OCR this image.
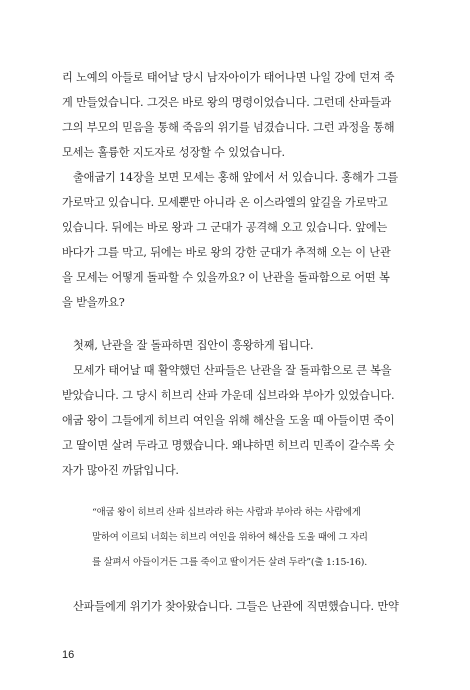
리 노예의 아들로 태어날 당시 남자아이가 태어나면 나일 강에 던져 죽
게 만들었습니다. 그것은 바로 왕의 명령이었습니다. 그런데 산파들과
그의 부모의 믿음을 통해 죽음의 위기를 넘겼습니다. 그런 과정을 통해
모세는 훌륭한 지도자로 성장할 수 있었습니다.
출애굽기 14장을 보면 모세는 홍해 앞에서 서 있습니다. 홍해가 그를
가로막고 있습니다. 모세뿐만 아니라 온 이스라엘의 앞길을 가로막고
있습니다. 뒤에는 바로 왕과 그 군대가 공격해 오고 있습니다. 앞에는
바다가 그를 막고, 뒤에는 바로 왕의 강한 군대가 추적해 오는 이 난관
을 모세는 어떻게 돌파할 수 있을까요? 이 난관을 돌파함으로 어떤 복
을 받을까요?
첫째, 난관을 잘 돌파하면 집안이 흥왕하게 됩니다.
모세가 태어날 때 활약했던 산파들은 난관을 잘 돌파함으로 큰 복을
받았습니다. 그 당시 히브리 산파 가운데 십브라와 부아가 있었습니다.
애굽 왕이 그들에게 히브리 여인을 위해 해산을 도울 때 아들이면 죽이
고 딸이면 살려 두라고 명했습니다. 왜냐하면 히브리 민족이 갈수록 숫
자가 많아진 까닭입니다.
“애굽 왕이 히브리 산파 십브라라 하는 사람과 부아라 하는 사람에게
말하여 이르되 너희는 히브리 여인을 위하여 해산을 도울 때에 그 자리
를 살펴서 아들이거든 그를 죽이고 딸이거든 살려 두라”(출 1:15-16).
산파들에게 위기가 찾아왔습니다. 그들은 난관에 직면했습니다. 만약
16
